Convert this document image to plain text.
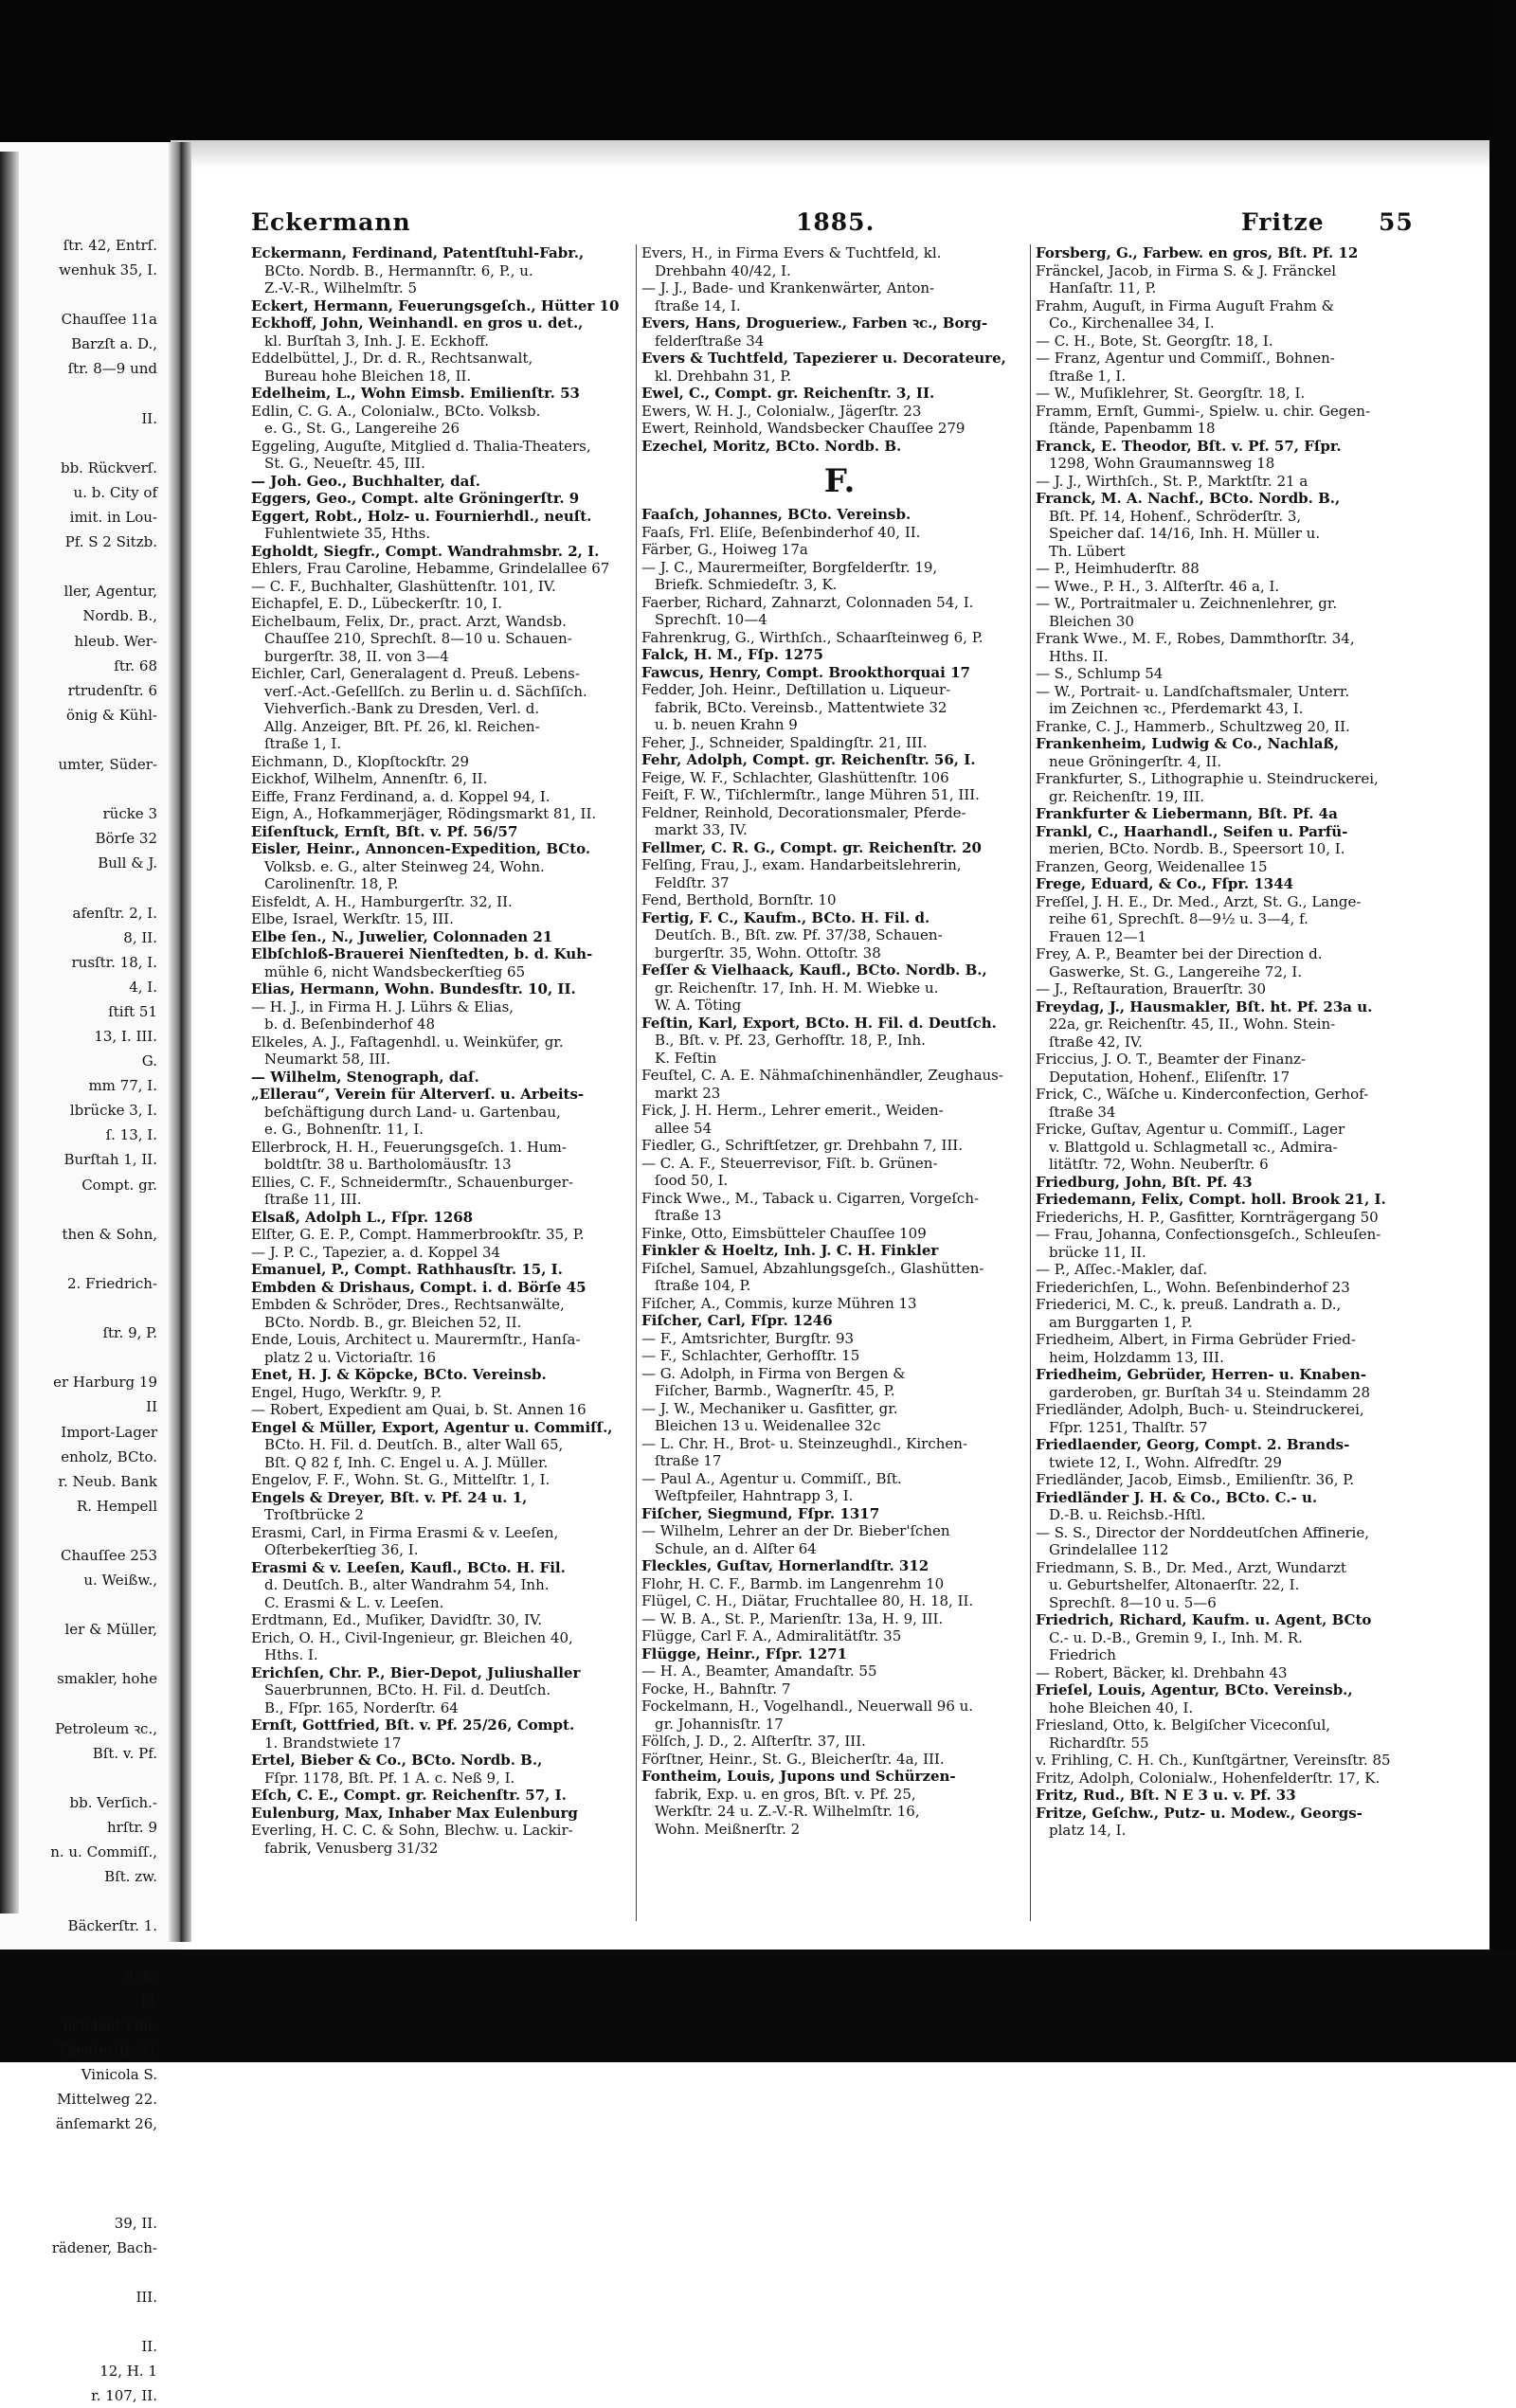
ſtr. 42, Entrſ.
wenhuk 35, I.
Chauſſee 11a
Barzſt a. D.,
ſtr. 8—9 und
II.
bb. Rückverſ.
u. b. City of
imit. in Lou-
Pf. S 2 Sitzb.
ller, Agentur,
Nordb. B.,
hleub. Wer-
ſtr. 68
rtrudenſtr. 6
önig & Kühl-
umter, Süder-
rücke 3
Börſe 32
Bull & J.
afenſtr. 2, I.
8, II.
rusſtr. 18, I.
4, I.
ſtift 51
13, I. III.
G.
mm 77, I.
lbrücke 3, I.
ſ. 13, I.
Burſtah 1, II.
Compt. gr.
then & Sohn,
2. Friedrich-
ſtr. 9, P.
er Harburg 19
II
Import-Lager
enholz, BCto.
r. Neub. Bank
R. Hempell
Chauſſee 253
u. Weißw.,
ler & Müller,
smakler, hohe
Petroleum ꝛc.,
Bſt. v. Pf.
bb. Verſich.-
hrſtr. 9
n. u. Commiſſ.,
Bſt. zw.
Bäckerſtr. 1.
9, K.
11
ociebad Vini-
Theaterſtr. 21
Vinicola S.
Mittelweg 22.
änſemarkt 26,
39, II.
rädener, Bach-
III.
II.
12, H. 1
r. 107, II.
Eckermann	1885.	Fritze 55
Eckermann, Ferdinand, Patentſtuhl-Fabr.,
BCto. Nordb. B., Hermannſtr. 6, P., u.
Z.-V.-R., Wilhelmſtr. 5
Eckert, Hermann, Feuerungsgeſch., Hütter 10
Eckhoff, John, Weinhandl. en gros u. det.,
kl. Burſtah 3, Inh. J. E. Eckhoff.
Eddelbüttel, J., Dr. d. R., Rechtsanwalt,
Bureau hohe Bleichen 18, II.
Edelheim, L., Wohn Eimsb. Emilienſtr. 53
Edlin, C. G. A., Colonialw., BCto. Volksb.
e. G., St. G., Langereihe 26
Eggeling, Auguſte, Mitglied d. Thalia-Theaters,
St. G., Neueſtr. 45, III.
— Joh. Geo., Buchhalter, daſ.
Eggers, Geo., Compt. alte Gröningerſtr. 9
Eggert, Robt., Holz- u. Fournierhdl., neuſt.
Fuhlentwiete 35, Hths.
Egholdt, Siegfr., Compt. Wandrahmsbr. 2, I.
Ehlers, Frau Caroline, Hebamme, Grindelallee 67
— C. F., Buchhalter, Glashüttenſtr. 101, IV.
Eichapfel, E. D., Lübeckerſtr. 10, I.
Eichelbaum, Felix, Dr., pract. Arzt, Wandsb.
Chauſſee 210, Sprechſt. 8—10 u. Schauen-
burgerſtr. 38, II. von 3—4
Eichler, Carl, Generalagent d. Preuß. Lebens-
verſ.-Act.-Geſellſch. zu Berlin u. d. Sächſiſch.
Viehverſich.-Bank zu Dresden, Verl. d.
Allg. Anzeiger, Bſt. Pf. 26, kl. Reichen-
ſtraße 1, I.
Eichmann, D., Klopſtockſtr. 29
Eickhof, Wilhelm, Annenſtr. 6, II.
Eiffe, Franz Ferdinand, a. d. Koppel 94, I.
Eign, A., Hofkammerjäger, Rödingsmarkt 81, II.
Eiſenſtuck, Ernſt, Bſt. v. Pf. 56/57
Eisler, Heinr., Annoncen-Expedition, BCto.
Volksb. e. G., alter Steinweg 24, Wohn.
Carolinenſtr. 18, P.
Eisfeldt, A. H., Hamburgerſtr. 32, II.
Elbe, Israel, Werkſtr. 15, III.
Elbe ſen., N., Juwelier, Colonnaden 21
Elbſchloß-Brauerei Nienſtedten, b. d. Kuh-
mühle 6, nicht Wandsbeckerſtieg 65
Elias, Hermann, Wohn. Bundesſtr. 10, II.
— H. J., in Firma H. J. Lührs & Elias,
b. d. Beſenbinderhof 48
Elkeles, A. J., Faſtagenhdl. u. Weinküfer, gr.
Neumarkt 58, III.
— Wilhelm, Stenograph, daſ.
„Ellerau“, Verein für Alterverſ. u. Arbeits-
beſchäftigung durch Land- u. Gartenbau,
e. G., Bohnenſtr. 11, I.
Ellerbrock, H. H., Feuerungsgeſch. 1. Hum-
boldtſtr. 38 u. Bartholomäusſtr. 13
Ellies, C. F., Schneidermſtr., Schauenburger-
ſtraße 11, III.
Elsaß, Adolph L., Fſpr. 1268
Elſter, G. E. P., Compt. Hammerbrookſtr. 35, P.
— J. P. C., Tapezier, a. d. Koppel 34
Emanuel, P., Compt. Rathhausſtr. 15, I.
Embden & Drishaus, Compt. i. d. Börſe 45
Embden & Schröder, Dres., Rechtsanwälte,
BCto. Nordb. B., gr. Bleichen 52, II.
Ende, Louis, Architect u. Maurermſtr., Hanſa-
platz 2 u. Victoriaſtr. 16
Enet, H. J. & Köpcke, BCto. Vereinsb.
Engel, Hugo, Werkſtr. 9, P.
— Robert, Expedient am Quai, b. St. Annen 16
Engel & Müller, Export, Agentur u. Commiſſ.,
BCto. H. Fil. d. Deutſch. B., alter Wall 65,
Bſt. Q 82 f, Inh. C. Engel u. A. J. Müller.
Engelov, F. F., Wohn. St. G., Mittelſtr. 1, I.
Engels & Dreyer, Bſt. v. Pf. 24 u. 1,
Troſtbrücke 2
Erasmi, Carl, in Firma Erasmi & v. Leeſen,
Oſterbekerſtieg 36, I.
Erasmi & v. Leeſen, Kaufl., BCto. H. Fil.
d. Deutſch. B., alter Wandrahm 54, Inh.
C. Erasmi & L. v. Leeſen.
Erdtmann, Ed., Muſiker, Davidſtr. 30, IV.
Erich, O. H., Civil-Ingenieur, gr. Bleichen 40,
Hths. I.
Erichſen, Chr. P., Bier-Depot, Juliushaller
Sauerbrunnen, BCto. H. Fil. d. Deutſch.
B., Fſpr. 165, Norderſtr. 64
Ernſt, Gottfried, Bſt. v. Pf. 25/26, Compt.
1. Brandstwiete 17
Ertel, Bieber & Co., BCto. Nordb. B.,
Fſpr. 1178, Bſt. Pf. 1 A. c. Neß 9, I.
Eſch, C. E., Compt. gr. Reichenſtr. 57, I.
Eulenburg, Max, Inhaber Max Eulenburg
Everling, H. C. C. & Sohn, Blechw. u. Lackir-
fabrik, Venusberg 31/32
Evers, H., in Firma Evers & Tuchtfeld, kl.
Drehbahn 40/42, I.
— J. J., Bade- und Krankenwärter, Anton-
ſtraße 14, I.
Evers, Hans, Drogueriew., Farben ꝛc., Borg-
felderſtraße 34
Evers & Tuchtfeld, Tapezierer u. Decorateure,
kl. Drehbahn 31, P.
Ewel, C., Compt. gr. Reichenſtr. 3, II.
Ewers, W. H. J., Colonialw., Jägerſtr. 23
Ewert, Reinhold, Wandsbecker Chauſſee 279
Ezechel, Moritz, BCto. Nordb. B.
F.
Faaſch, Johannes, BCto. Vereinsb.
Faaſs, Frl. Eliſe, Beſenbinderhof 40, II.
Färber, G., Hoiweg 17a
— J. C., Maurermeiſter, Borgfelderſtr. 19,
Briefk. Schmiedeſtr. 3, K.
Faerber, Richard, Zahnarzt, Colonnaden 54, I.
Sprechſt. 10—4
Fahrenkrug, G., Wirthſch., Schaarſteinweg 6, P.
Falck, H. M., Fſp. 1275
Fawcus, Henry, Compt. Brookthorquai 17
Fedder, Joh. Heinr., Deſtillation u. Liqueur-
fabrik, BCto. Vereinsb., Mattentwiete 32
u. b. neuen Krahn 9
Feher, J., Schneider, Spaldingſtr. 21, III.
Fehr, Adolph, Compt. gr. Reichenſtr. 56, I.
Feige, W. F., Schlachter, Glashüttenſtr. 106
Feiſt, F. W., Tiſchlermſtr., lange Mühren 51, III.
Feldner, Reinhold, Decorationsmaler, Pferde-
markt 33, IV.
Fellmer, C. R. G., Compt. gr. Reichenſtr. 20
Felſing, Frau, J., exam. Handarbeitslehrerin,
Feldſtr. 37
Fend, Berthold, Bornſtr. 10
Fertig, F. C., Kaufm., BCto. H. Fil. d.
Deutſch. B., Bſt. zw. Pf. 37/38, Schauen-
burgerſtr. 35, Wohn. Ottoſtr. 38
Feſſer & Vielhaack, Kaufl., BCto. Nordb. B.,
gr. Reichenſtr. 17, Inh. H. M. Wiebke u.
W. A. Töting
Feſtin, Karl, Export, BCto. H. Fil. d. Deutſch.
B., Bſt. v. Pf. 23, Gerhofſtr. 18, P., Inh.
K. Feſtin
Feuſtel, C. A. E. Nähmaſchinenhändler, Zeughaus-
markt 23
Fick, J. H. Herm., Lehrer emerit., Weiden-
allee 54
Fiedler, G., Schriftſetzer, gr. Drehbahn 7, III.
— C. A. F., Steuerrevisor, Fiſt. b. Grünen-
ſood 50, I.
Finck Wwe., M., Taback u. Cigarren, Vorgeſch-
ſtraße 13
Finke, Otto, Eimsbütteler Chauſſee 109
Finkler & Hoeltz, Inh. J. C. H. Finkler
Fiſchel, Samuel, Abzahlungsgeſch., Glashütten-
ſtraße 104, P.
Fiſcher, A., Commis, kurze Mühren 13
Fiſcher, Carl, Fſpr. 1246
— F., Amtsrichter, Burgſtr. 93
— F., Schlachter, Gerhofſtr. 15
— G. Adolph, in Firma von Bergen &
Fiſcher, Barmb., Wagnerſtr. 45, P.
— J. W., Mechaniker u. Gasfitter, gr.
Bleichen 13 u. Weidenallee 32c
— L. Chr. H., Brot- u. Steinzeughdl., Kirchen-
ſtraße 17
— Paul A., Agentur u. Commiſſ., Bſt.
Weſtpfeiler, Hahntrapp 3, I.
Fiſcher, Siegmund, Fſpr. 1317
— Wilhelm, Lehrer an der Dr. Bieber'ſchen
Schule, an d. Alſter 64
Fleckles, Guſtav, Hornerlandſtr. 312
Flohr, H. C. F., Barmb. im Langenrehm 10
Flügel, C. H., Diätar, Fruchtallee 80, H. 18, II.
— W. B. A., St. P., Marienſtr. 13a, H. 9, III.
Flügge, Carl F. A., Admiralitätſtr. 35
Flügge, Heinr., Fſpr. 1271
— H. A., Beamter, Amandaſtr. 55
Focke, H., Bahnſtr. 7
Fockelmann, H., Vogelhandl., Neuerwall 96 u.
gr. Johannisſtr. 17
Fölſch, J. D., 2. Alſterſtr. 37, III.
Förſtner, Heinr., St. G., Bleicherſtr. 4a, III.
Fontheim, Louis, Jupons und Schürzen-
fabrik, Exp. u. en gros, Bſt. v. Pf. 25,
Werkſtr. 24 u. Z.-V.-R. Wilhelmſtr. 16,
Wohn. Meißnerſtr. 2
Forsberg, G., Farbew. en gros, Bſt. Pf. 12
Fränckel, Jacob, in Firma S. & J. Fränckel
Hanſaſtr. 11, P.
Frahm, Auguſt, in Firma Auguſt Frahm &
Co., Kirchenallee 34, I.
— C. H., Bote, St. Georgſtr. 18, I.
— Franz, Agentur und Commiſſ., Bohnen-
ſtraße 1, I.
— W., Muſiklehrer, St. Georgſtr. 18, I.
Framm, Ernſt, Gummi-, Spielw. u. chir. Gegen-
ſtände, Papenbamm 18
Franck, E. Theodor, Bſt. v. Pf. 57, Fſpr.
1298, Wohn Graumannsweg 18
— J. J., Wirthſch., St. P., Marktſtr. 21 a
Franck, M. A. Nachf., BCto. Nordb. B.,
Bſt. Pf. 14, Hohenf., Schröderſtr. 3,
Speicher daſ. 14/16, Inh. H. Müller u.
Th. Lübert
— P., Heimhuderſtr. 88
— Wwe., P. H., 3. Alſterſtr. 46 a, I.
— W., Portraitmaler u. Zeichnenlehrer, gr.
Bleichen 30
Frank Wwe., M. F., Robes, Dammthorſtr. 34,
Hths. II.
— S., Schlump 54
— W., Portrait- u. Landſchaftsmaler, Unterr.
im Zeichnen ꝛc., Pferdemarkt 43, I.
Franke, C. J., Hammerb., Schultzweg 20, II.
Frankenheim, Ludwig & Co., Nachlaß,
neue Gröningerſtr. 4, II.
Frankfurter, S., Lithographie u. Steindruckerei,
gr. Reichenſtr. 19, III.
Frankfurter & Liebermann, Bſt. Pf. 4a
Frankl, C., Haarhandl., Seifen u. Parfü-
merien, BCto. Nordb. B., Speersort 10, I.
Franzen, Georg, Weidenallee 15
Frege, Eduard, & Co., Fſpr. 1344
Freſſel, J. H. E., Dr. Med., Arzt, St. G., Lange-
reihe 61, Sprechſt. 8—9½ u. 3—4, f.
Frauen 12—1
Frey, A. P., Beamter bei der Direction d.
Gaswerke, St. G., Langereihe 72, I.
— J., Reſtauration, Brauerſtr. 30
Freydag, J., Hausmakler, Bſt. ht. Pf. 23a u.
22a, gr. Reichenſtr. 45, II., Wohn. Stein-
ſtraße 42, IV.
Friccius, J. O. T., Beamter der Finanz-
Deputation, Hohenf., Eliſenſtr. 17
Frick, C., Wäſche u. Kinderconfection, Gerhof-
ſtraße 34
Fricke, Guſtav, Agentur u. Commiſſ., Lager
v. Blattgold u. Schlagmetall ꝛc., Admira-
litätſtr. 72, Wohn. Neuberſtr. 6
Friedburg, John, Bſt. Pf. 43
Friedemann, Felix, Compt. holl. Brook 21, I.
Friederichs, H. P., Gasfitter, Kornträgergang 50
— Frau, Johanna, Confectionsgeſch., Schleuſen-
brücke 11, II.
— P., Aſſec.-Makler, daſ.
Friederichſen, L., Wohn. Beſenbinderhof 23
Friederici, M. C., k. preuß. Landrath a. D.,
am Burggarten 1, P.
Friedheim, Albert, in Firma Gebrüder Fried-
heim, Holzdamm 13, III.
Friedheim, Gebrüder, Herren- u. Knaben-
garderoben, gr. Burſtah 34 u. Steindamm 28
Friedländer, Adolph, Buch- u. Steindruckerei,
Fſpr. 1251, Thalſtr. 57
Friedlaender, Georg, Compt. 2. Brands-
twiete 12, I., Wohn. Alfredſtr. 29
Friedländer, Jacob, Eimsb., Emilienſtr. 36, P.
Friedländer J. H. & Co., BCto. C.- u.
D.-B. u. Reichsb.-Hſtl.
— S. S., Director der Norddeutſchen Affinerie,
Grindelallee 112
Friedmann, S. B., Dr. Med., Arzt, Wundarzt
u. Geburtshelfer, Altonaerſtr. 22, I.
Sprechſt. 8—10 u. 5—6
Friedrich, Richard, Kaufm. u. Agent, BCto
C.- u. D.-B., Gremin 9, I., Inh. M. R.
Friedrich
— Robert, Bäcker, kl. Drehbahn 43
Frieſel, Louis, Agentur, BCto. Vereinsb.,
hohe Bleichen 40, I.
Friesland, Otto, k. Belgiſcher Viceconſul,
Richardſtr. 55
v. Frihling, C. H. Ch., Kunſtgärtner, Vereinsſtr. 85
Fritz, Adolph, Colonialw., Hohenfelderſtr. 17, K.
Fritz, Rud., Bſt. N E 3 u. v. Pf. 33
Fritze, Geſchw., Putz- u. Modew., Georgs-
platz 14, I.
